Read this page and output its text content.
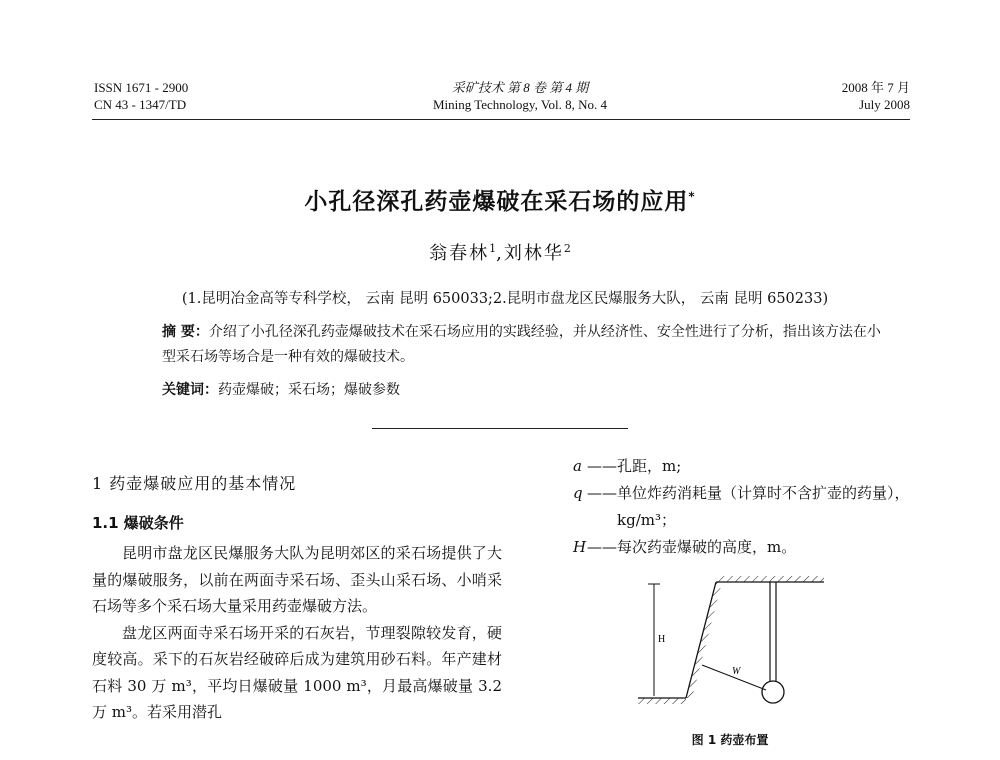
ISSN 1671 - 2900
CN 43 - 1347/TD
采矿技术 第 8 卷 第 4 期
Mining Technology, Vol. 8, No. 4
2008 年 7 月
July 2008
小孔径深孔药壶爆破在采石场的应用*
翁春林$^1$,刘林华$^2$
(1.昆明冶金高等专科学校， 云南 昆明 650033;2.昆明市盘龙区民爆服务大队， 云南 昆明 650233)
摘 要：介绍了小孔径深孔药壶爆破技术在采石场应用的实践经验，并从经济性、安全性进行了分析，指出该方法在小型采石场等场合是一种有效的爆破技术。
关键词：药壶爆破；采石场；爆破参数
1 药壶爆破应用的基本情况
1.1 爆破条件

昆明市盘龙区民爆服务大队为昆明郊区的采石场提供了大量的爆破服务，以前在两面寺采石场、歪头山采石场、小哨采石场等多个采石场大量采用药壶爆破方法。

盘龙区两面寺采石场开采的石灰岩，节理裂隙较发育，硬度较高。采下的石灰岩经破碎后成为建筑用砂石料。年产建材石料 30 万 m³，平均日爆破量 1000 m³，月最高爆破量 3.2 万 m³。若采用潜孔

a —— 孔距，m;
q —— 单位炸药消耗量（计算时不含扩壶的药量），kg/m³；
H —— 每次药壶爆破的高度，m。
H
W
图 1 药壶布置
